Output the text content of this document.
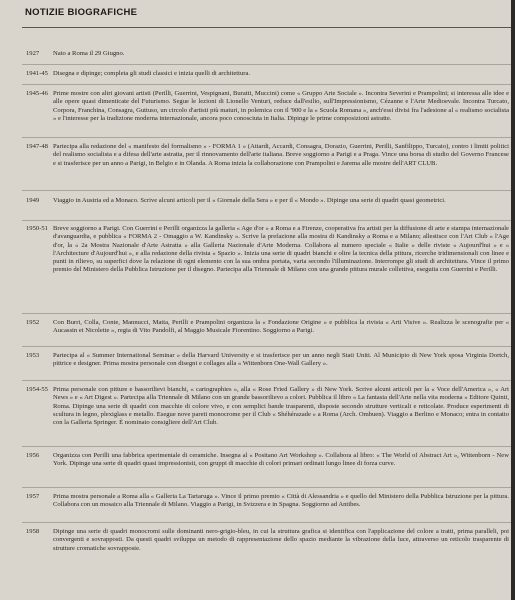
NOTIZIE BIOGRAFICHE
1927	Nato a Roma il 29 Giugno.
1941-45 Disegna e dipinge; completa gli studi classici e inizia quelli di architettura.
1945-46 Prime mostre con altri giovani artisti (Perilli, Guerrini, Vespignani, Buratti, Muccini) come « Gruppo Arte Sociale ». Incontra Severini e Prampolini; si interessa alle idee e alle opere quasi dimenticate del Futurismo. Segue le lezioni di Lionello Venturi, reduce dall'esilio, sull'Impressionismo, Cézanne e l'Arte Medioevale. Incontra Turcato, Corpora, Franchina, Consagra, Guttuso, un circolo d'artisti più maturi, in polemica con il '900 e la « Scuola Romana », anch'essi divisi fra l'adesione al « realismo socialista » e l'interesse per la tradizione moderna internazionale, ancora poco conosciuta in Italia. Dipinge le prime composizioni astratte.
1947-48 Partecipa alla redazione del « manifesto del formalismo » - FORMA 1 » (Attardi, Accardi, Consagra, Dorazio, Guerrini, Perilli, Sanfilippo, Turcato), contro i limiti politici del realismo socialista e a difesa dell'arte astratta, per il rinnovamento dell'arte italiana. Breve soggiorno a Parigi e a Praga. Vince una borsa di studio del Governo Francese e si trasferisce per un anno a Parigi, in Belgio e in Olanda. A Roma inizia la collaborazione con Prampolini e Jarema alle mostre dell'ART CLUB.
1949	Viaggio in Austria ed a Monaco. Scrive alcuni articoli per il « Giornale della Sera » e per il « Mondo ». Dipinge una serie di quadri quasi geometrici.
1950-51 Breve soggiorno a Parigi. Con Guerrini e Perilli organizza la galleria « Age d'or » a Roma e a Firenze, cooperativa fra artisti per la diffusione di arte e stampa internazionale d'avanguardia, e pubblica « FORMA 2 - Omaggio a W. Kandinsky ». Scrive la prefazione alla mostra di Kandinsky a Roma e a Milano; allestisce con l'Art Club « l'Age d'or, la « 2a Mostra Nazionale d'Arte Astratta » alla Galleria Nazionale d'Arte Moderna. Collabora al numero speciale « Italie » delle riviste « Aujourd'hui » e « l'Architecture d'Aujourd'hui », e alla redazione della rivista « Spazio ». Inizia una serie di quadri bianchi e oltre la tecnica della pittura, ricerche tridimensionali con linee e punti in rilievo, su superfici dove la relazione di ogni elemento con la sua ombra portata, varia secondo l'illuminazione. Interrompe gli studi di architettura. Vince il primo premio del Ministero della Pubblica Istruzione per il disegno. Partecipa alla Triennale di Milano con una grande pittura murale collettiva, eseguita con Guerrini e Perilli.
1952	Con Burri, Colla, Conte, Mannucci, Matta, Perilli e Prampolini organizza la « Fondazione Origine » e pubblica la rivista « Arti Visive ». Realizza le scenografie per « Aucassin et Nicolette », regia di Vito Pandolfi, al Maggio Musicale Fiorentino. Soggiorno a Parigi.
1953	Partecipa al « Summer International Seminar » della Harvard University e si trasferisce per un anno negli Stati Uniti. Al Municipio di New York sposa Virginia Dortch, pittrice e designer. Prima mostra personale con disegni e collages alla « Wittenborn One-Wall Gallery ».
1954-55 Prima personale con pitture e bassorilievi bianchi, « cartographies », alla « Rose Fried Gallery » di New York. Scrive alcuni articoli per la « Voce dell'America », « Art News » e « Art Digest ». Partecipa alla Triennale di Milano con un grande bassorilievo a colori. Pubblica il libro « La fantasia dell'Arte nella vita moderna » Editore Quinti, Roma. Dipinge una serie di quadri con macchie di colore vivo, e con semplici bande trasparenti, disposte secondo strutture verticali e reticolate. Produce esperimenti di scultura in legno, plexiglass e metallo. Esegue nove pareti monocrome per il Club « Shéhérazade » a Roma (Arch. Ombuen). Viaggio a Berlino e Monaco; entra in contatto con la Galleria Springer. È nominato consigliere dell'Art Club.
1956	Organizza con Perilli una fabbrica sperimentale di ceramiche. Insegna al « Positano Art Workshop ». Collabora al libro: « The World of Abstract Art », Wittenborn - New York. Dipinge una serie di quadri quasi impressionisti, con gruppi di macchie di colori primari ordinati lungo linee di forza curve.
1957	Prima mostra personale a Roma alla « Galleria La Tartaruga ». Vince il primo premio « Città di Alessandria » e quello del Ministero della Pubblica Istruzione per la pittura. Collabora con un mosaico alla Triennale di Milano. Viaggio a Parigi, in Svizzera e in Spagna. Soggiorno ad Antibes.
1958	Dipinge una serie di quadri monocromi sulle dominanti nero-grigio-bleu, in cui la struttura grafica si identifica con l'applicazione del colore a tratti, prima paralleli, poi convergenti e sovrapposti. Da questi quadri sviluppa un metodo di rappresentazione dello spazio mediante la vibrazione della luce, attraverso un reticolo trasparente di strutture cromatiche sovrapposte.
